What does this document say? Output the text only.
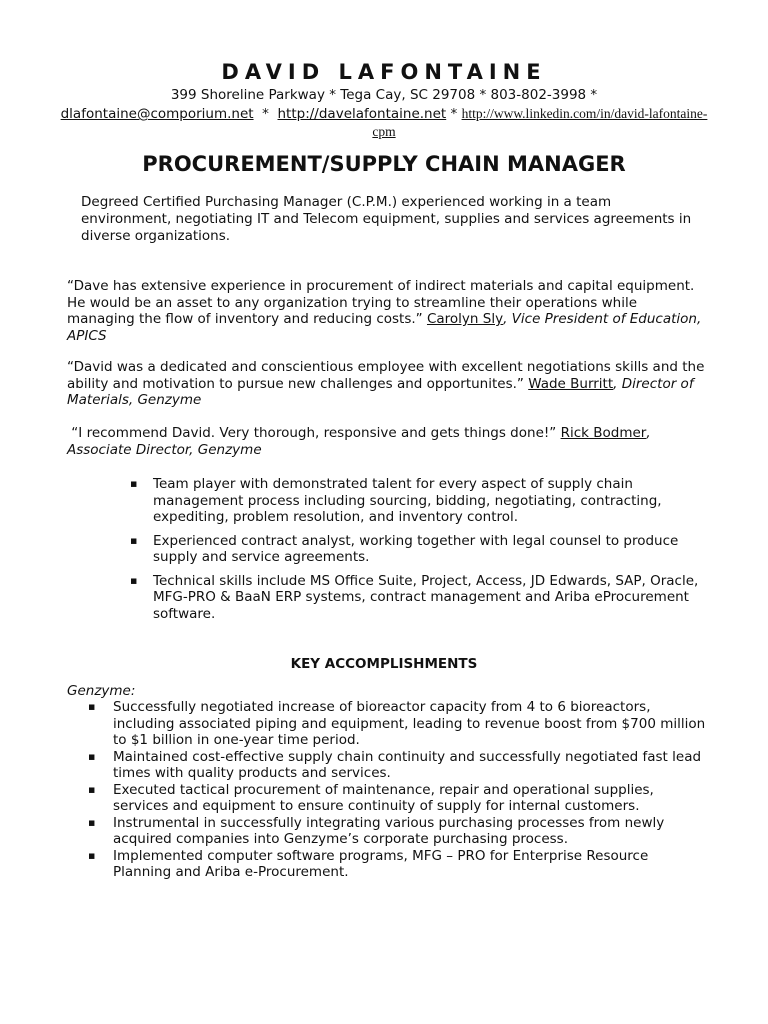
DAVID LAFONTAINE
399 Shoreline Parkway * Tega Cay, SC 29708 * 803-802-3998 *
dlafontaine@comporium.net  *  http://davelafontaine.net * http://www.linkedin.com/in/david-lafontaine-cpm
PROCUREMENT/SUPPLY CHAIN MANAGER
Degreed Certified Purchasing Manager (C.P.M.) experienced working in a team environment, negotiating IT and Telecom equipment, supplies and services agreements in diverse organizations.
“Dave has extensive experience in procurement of indirect materials and capital equipment. He would be an asset to any organization trying to streamline their operations while managing the flow of inventory and reducing costs.” Carolyn Sly, Vice President of Education, APICS
“David was a dedicated and conscientious employee with excellent negotiations skills and the ability and motivation to pursue new challenges and opportunites.” Wade Burritt, Director of Materials, Genzyme
“I recommend David. Very thorough, responsive and gets things done!” Rick Bodmer, Associate Director, Genzyme
▪ Team player with demonstrated talent for every aspect of supply chain management process including sourcing, bidding, negotiating, contracting, expediting, problem resolution, and inventory control.
▪ Experienced contract analyst, working together with legal counsel to produce supply and service agreements.
▪ Technical skills include MS Office Suite, Project, Access, JD Edwards, SAP, Oracle, MFG-PRO & BaaN ERP systems, contract management and Ariba eProcurement software.
KEY ACCOMPLISHMENTS
Genzyme:
▪ Successfully negotiated increase of bioreactor capacity from 4 to 6 bioreactors, including associated piping and equipment, leading to revenue boost from $700 million to $1 billion in one-year time period.
▪ Maintained cost-effective supply chain continuity and successfully negotiated fast lead times with quality products and services.
▪ Executed tactical procurement of maintenance, repair and operational supplies, services and equipment to ensure continuity of supply for internal customers.
▪ Instrumental in successfully integrating various purchasing processes from newly acquired companies into Genzyme’s corporate purchasing process.
▪ Implemented computer software programs, MFG – PRO for Enterprise Resource Planning and Ariba e-Procurement.
